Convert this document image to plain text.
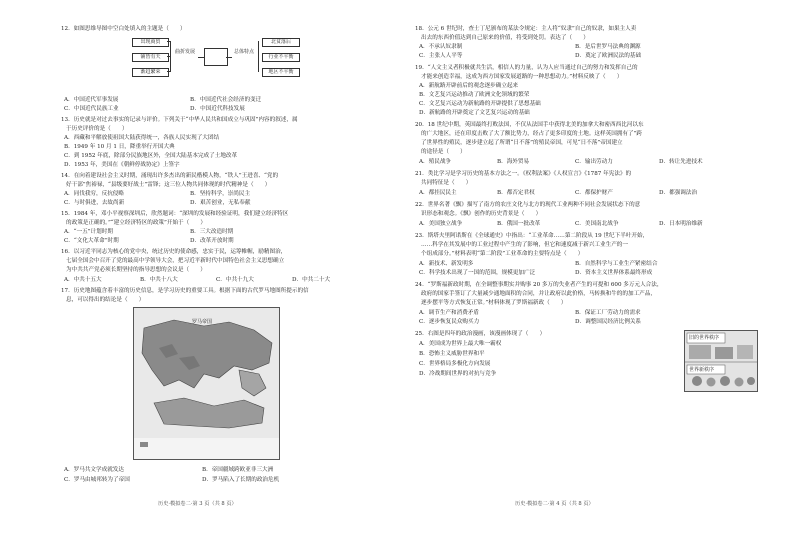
12．如图思维导图中空白处填入的主题是（　　）
出现商贸
铺皆有天
渐趋繁荣
曲折发展	总体特点
北贫落后
行业不平衡
地区不平衡
A．中国近代军事发展	B．中国近代社会经济的变迁
C．中国近代民族工业	D．中国近代科技发展
13．历史就是对过去事实的记录与评价。下列关于“中华人民共和国成立与巩固”内容的叙述，属
于历史评价的是（　　）
A．西藏和平解放使祖国大陆获得统一，各族人民实现了大团结
B．1949 年 10 月 1 日，降重举行开国大典
C．到 1952 年底，除部分民族地区外，全国大陆基本完成了土地改革
D．1953 年，美国在《朝鲜停战协定》上签字
14．在向着建设社会主义时期，涌现出许多杰出的新民楷模人物，“铁人”王进喜、“党的
好干部”焦裕禄，“县级要好战士”雷锋；这三位人物共同体现的时代精神是（　　）
A．同伐我穷，反抗侵略	B．坚持科学，崇尚民主
C．与时俱进，去故尚新	D．艰苦创业，无私奉献
15．1984 年，邓小平视察深圳后，欣然题词：“深圳的发展和经验证明，我们建立经济特区
的政策是正确的。”“建立经济特区的政策”开始于（　　）
A．“一五”计划时期	B．三大改造时期
C．“文化大革命”时期	D．改革开放时期
16．以习近平同志为核心的党中央，统过历史的使命感，忠实于民，运筹帷幄，励精图治，
七届全国会中召开了党的最高中学领导大会，把习近平新时代中国特色社会主义思想确立
为中共共产党必须长期坚持的指导思想的会议是（　　）
A．中共十五大	B．中共十八大	C．中共十九大	D．中共二十大
17．历史地图蕴含着丰富的历史信息，是学习历史的重要工具。根据下面的古代罗马地图所提示的信
息，可以得出的结论是（　　）
罗马帝国
A．罗马共文学成就发达	B．帝国疆域跨欧亚非三大洲
C．罗马由城邦转为了帝国	D．罗马陷入了长期的政治危机
历史·模拟卷二·第 3 页（共 8 页）
18．公元 6 世纪时，查士丁尼颁布的某法令规定：主人将“奴隶”自己的奴隶，如果主人卖
出去的东西价值达到自己原来的价值，将受到处罚。表达了（　　）
A．不承认奴隶制	B．是后世罗马法典的渊源
C．主张人人平等	D．奠定了欧洲民法的基础
19．“人文主义者积极就共生活，相信人的力量，认为人应当通过自己的努力和发挥自己的
才能来创造幸福，这成为西方国家发展道路的一种思想动力。”材料反映了（　　）
A．新航路开辟前后的观念逐步确立起来
B．文艺复兴运动推动了欧洲文化领域的繁荣
C．文艺复兴运动为新航路的开辟提供了思想基础
D．新航路的开辟奠定了文艺复兴运动的基础
20．18 世纪中期，英国最终打败法国，不仅从法国手中获得北美的加拿大和密西西比河以东
的广大地区，还在印度击败了大了额比势力，经占了更多印度的土地。这样英国拥有了”跨
了世界性的殖民，逐步建立起了所谓“日不落”的殖民帝国，可见“日不落”帝国建立
的途径是（　　）
A．殖民战争	B．海外贸易	C．输出劳动力	D．转让先进技术
21．类比学习是学习历史的基本方法之一。《权利法案》《人权宣言》《1787 年宪法》的
共同特征是（　　）
A．都挂民民主	B．都否定君权	C．都保护财产	D．都强调法治
22．世界名著《飘》描写了南方的农庄文化与北方的现代工业两种不同社会发展状态下的意
识形态和观念。《飘》创作的历史背景是（　　）
A．美国独立战争	B．俄国一批改革	C．美国南北战争	D．日本明治维新
23．斯塔夫里阿诺斯在《全球通史》中指出：“工业革命……第二阶段从 19 世纪下半叶开始，
……科学在其发展中的工业过程中产生的了影响，但它和速度减于新兴工业生产的一
个组成部分。”材料表明“第二阶段”工业革命的主要特点是（　　）
A．新技术、新发明多	B．自然科学与工业生产紧密结合
C．科学技术出现了一国的范围，规模更加广泛	D．资本主义世界体系最终形成
24．“罗斯福新政时期，在全调整事期实并购事 20 多万的失业者产生的可提和 600 多万元人合法，
政府的国家手签订了大量减少通地面积的合同，并让政府以此价格，马转换和牛的的加工产品，
逐步摆平等方式恢复正常。”材料体现了罗斯福新政（　　）
A．调节生产和消费矛盾	B．保证工厂劳动力的需求
C．逐步恢复民众购买力	D．调整国民经济比例关系
25．右图是四年的政治漫画，该漫画体现了（　　）
旧的世界秩序
世界新秩序
A．美国成为世界上最大唯一霸权
B．恐怖主义威胁世界和平
C．世界格局多极化方向发展
D．冷战期间世界的对抗与竞争
历史·模拟卷二·第 4 页（共 8 页）
